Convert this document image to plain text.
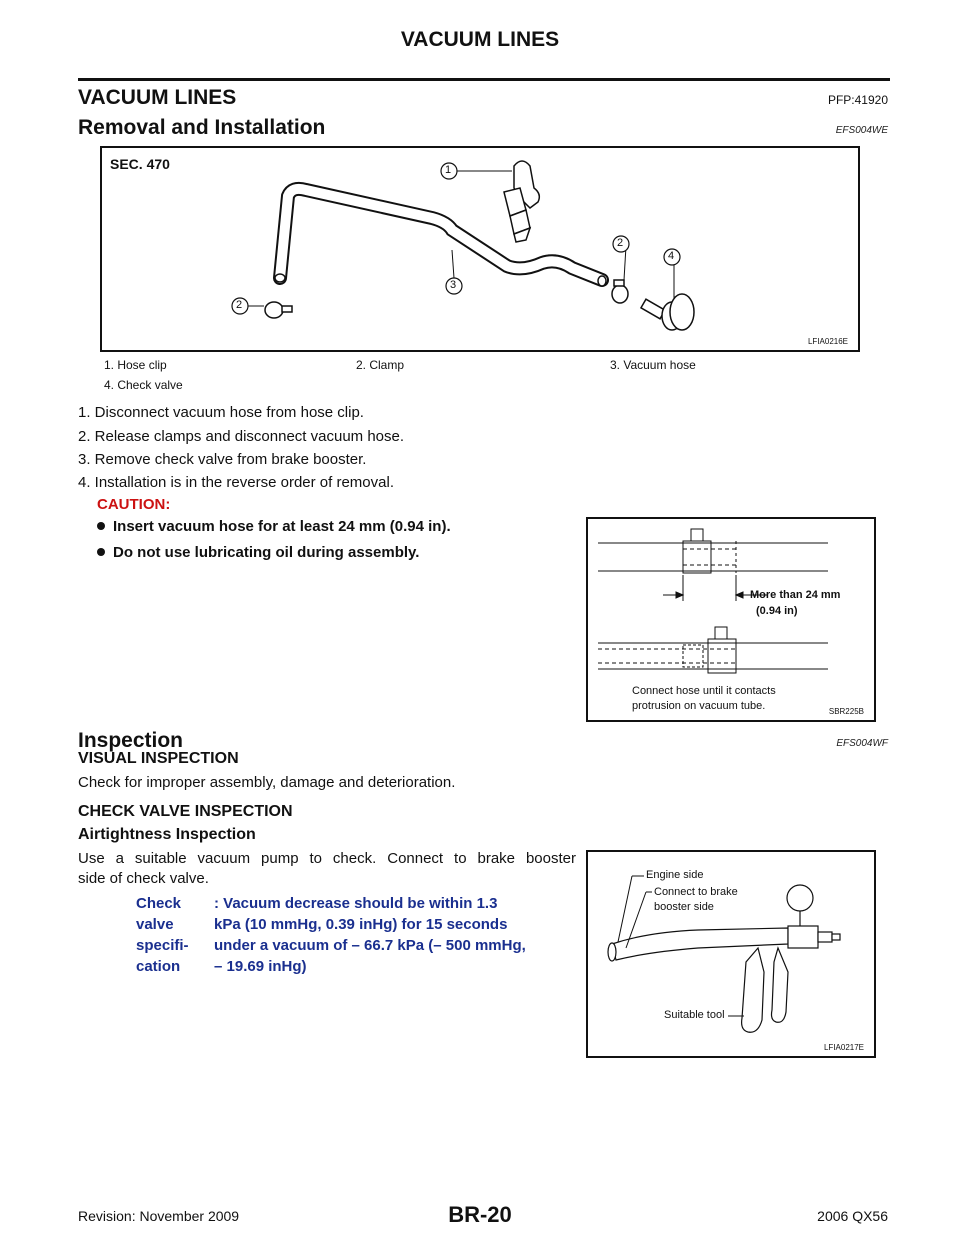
VACUUM LINES
VACUUM LINES	PFP:41920
Removal and Installation	EFS004WE
SEC. 470	1
2
3
2
4
LFIA0216E
1. Hose clip	2. Clamp	3. Vacuum hose
4. Check valve
1. Disconnect vacuum hose from hose clip.
2. Release clamps and disconnect vacuum hose.
3. Remove check valve from brake booster.
4. Installation is in the reverse order of removal.
CAUTION:
Insert vacuum hose for at least 24 mm (0.94 in).
Do not use lubricating oil during assembly.
More than 24 mm
(0.94 in)
Connect hose until it contacts
protrusion on vacuum tube.	SBR225B
Inspection	EFS004WF
VISUAL INSPECTION
Check for improper assembly, damage and deterioration.
CHECK VALVE INSPECTION
Airtightness Inspection
Use a suitable vacuum pump to check. Connect to brake booster
side of check valve.
Check
valve
specifi-
cation
: Vacuum decrease should be within 1.3
kPa (10 mmHg, 0.39 inHg) for 15 seconds
under a vacuum of – 66.7 kPa (– 500 mmHg,
– 19.69 inHg)
Engine side
Connect to brake
booster side
Suitable tool
LFIA0217E
Revision: November 2009	BR-20	2006 QX56
